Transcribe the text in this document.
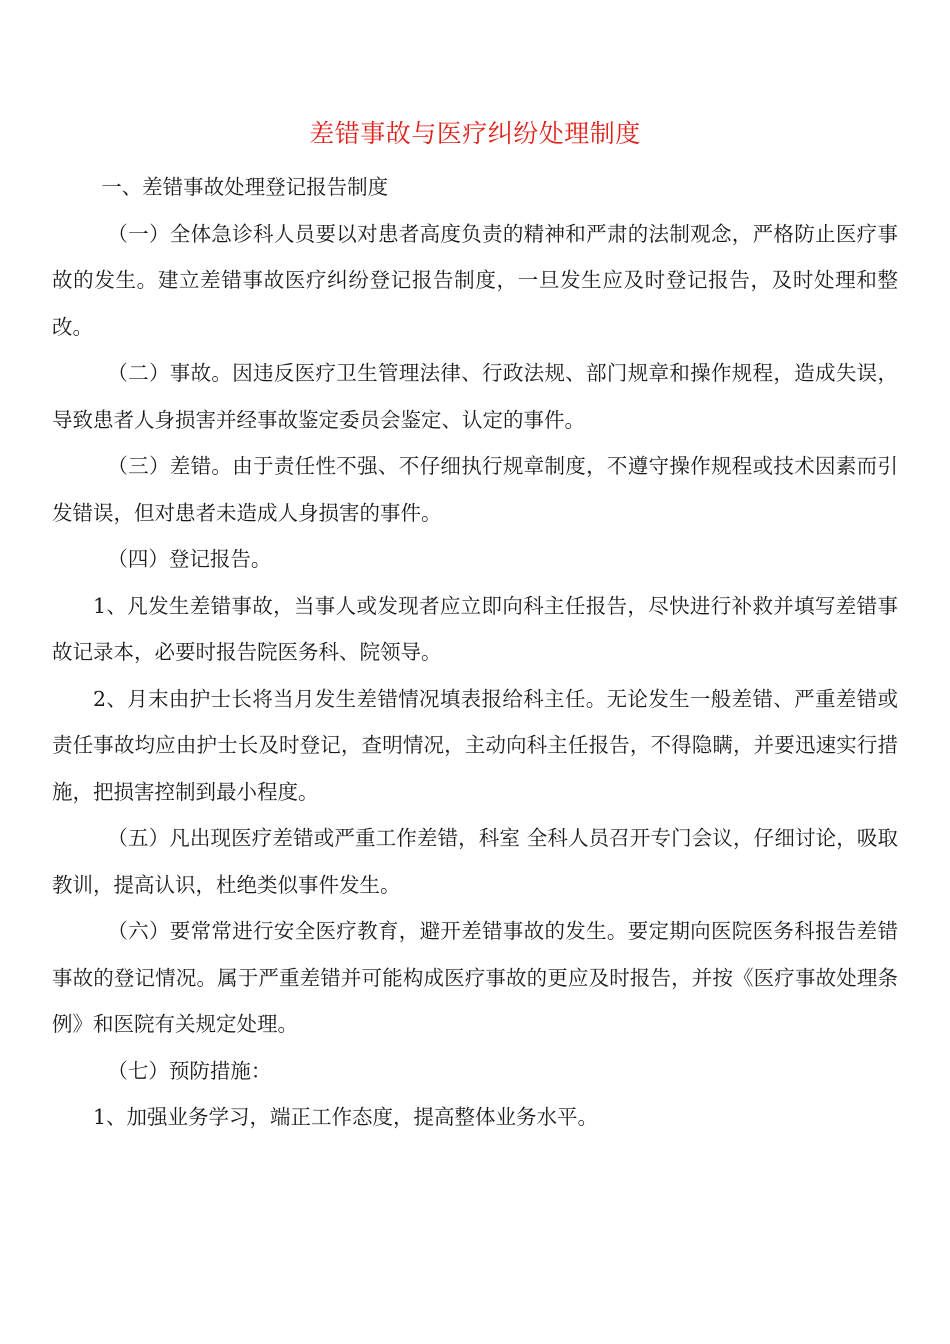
差错事故与医疗纠纷处理制度

一、差错事故处理登记报告制度

（一）全体急诊科人员要以对患者高度负责的精神和严肃的法制观念，严格防止医疗事故的发生。建立差错事故医疗纠纷登记报告制度，一旦发生应及时登记报告，及时处理和整改。

（二）事故。因违反医疗卫生管理法律、行政法规、部门规章和操作规程，造成失误，导致患者人身损害并经事故鉴定委员会鉴定、认定的事件。

（三）差错。由于责任性不强、不仔细执行规章制度，不遵守操作规程或技术因素而引发错误，但对患者未造成人身损害的事件。

（四）登记报告。

1、凡发生差错事故，当事人或发现者应立即向科主任报告，尽快进行补救并填写差错事故记录本，必要时报告院医务科、院领导。

2、月末由护士长将当月发生差错情况填表报给科主任。无论发生一般差错、严重差错或责任事故均应由护士长及时登记，查明情况，主动向科主任报告，不得隐瞒，并要迅速实行措施，把损害控制到最小程度。

（五）凡出现医疗差错或严重工作差错，科室 全科人员召开专门会议，仔细讨论，吸取教训，提高认识，杜绝类似事件发生。

（六）要常常进行安全医疗教育，避开差错事故的发生。要定期向医院医务科报告差错事故的登记情况。属于严重差错并可能构成医疗事故的更应及时报告，并按《医疗事故处理条例》和医院有关规定处理。

（七）预防措施：

1、加强业务学习，端正工作态度，提高整体业务水平。
